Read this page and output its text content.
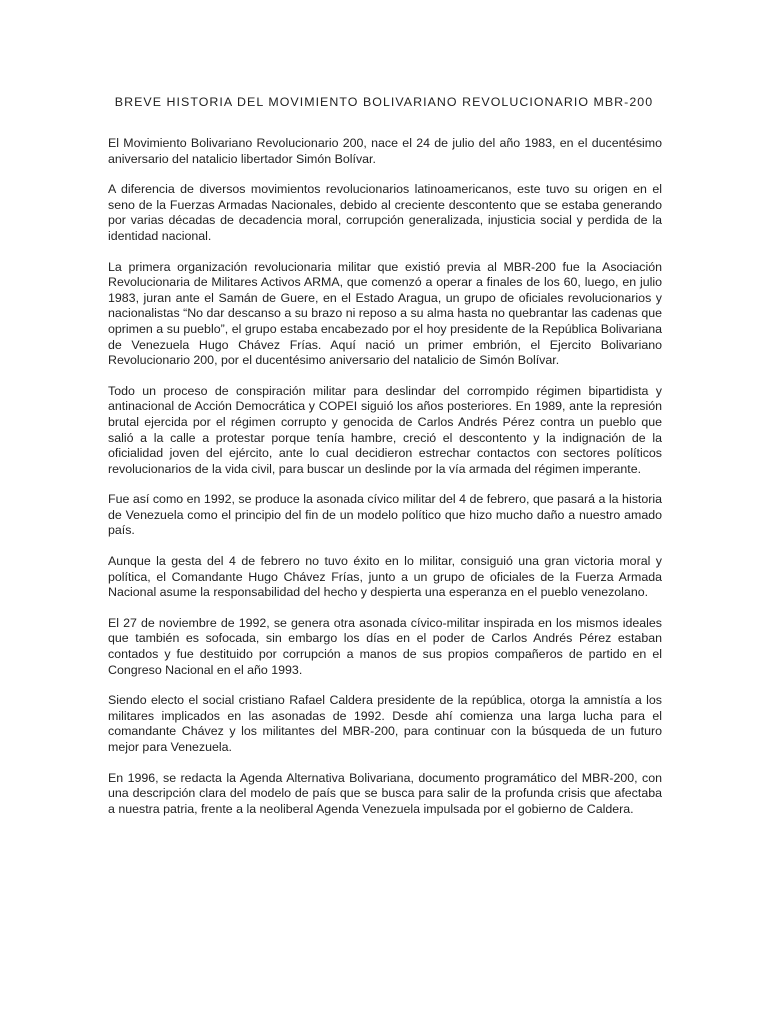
BREVE HISTORIA DEL MOVIMIENTO BOLIVARIANO REVOLUCIONARIO MBR-200

El Movimiento Bolivariano Revolucionario 200, nace el 24 de julio del año 1983, en el ducentésimo aniversario del natalicio libertador Simón Bolívar.

A diferencia de diversos movimientos revolucionarios latinoamericanos, este tuvo su origen en el seno de la Fuerzas Armadas Nacionales, debido al creciente descontento que se estaba generando por varias décadas de decadencia moral, corrupción generalizada, injusticia social y perdida de la identidad nacional.

La primera organización revolucionaria militar que existió previa al MBR-200 fue la Asociación Revolucionaria de Militares Activos ARMA, que comenzó a operar a finales de los 60, luego, en julio 1983, juran ante el Samán de Guere, en el Estado Aragua, un grupo de oficiales revolucionarios y nacionalistas “No dar descanso a su brazo ni reposo a su alma hasta no quebrantar las cadenas que oprimen a su pueblo”, el grupo estaba encabezado por el hoy presidente de la República Bolivariana de Venezuela Hugo Chávez Frías. Aquí nació un primer embrión, el Ejercito Bolivariano Revolucionario 200, por el ducentésimo aniversario del natalicio de Simón Bolívar.

Todo un proceso de conspiración militar para deslindar del corrompido régimen bipartidista y antinacional de Acción Democrática y COPEI siguió los años posteriores. En 1989, ante la represión brutal ejercida por el régimen corrupto y genocida de Carlos Andrés Pérez contra un pueblo que salió a la calle a protestar porque tenía hambre, creció el descontento y la indignación de la oficialidad joven del ejército, ante lo cual decidieron estrechar contactos con sectores políticos revolucionarios de la vida civil, para buscar un deslinde por la vía armada del régimen imperante.

Fue así como en 1992, se produce la asonada cívico militar del 4 de febrero, que pasará a la historia de Venezuela como el principio del fin de un modelo político que hizo mucho daño a nuestro amado país.

Aunque la gesta del 4 de febrero no tuvo éxito en lo militar, consiguió una gran victoria moral y política, el Comandante Hugo Chávez Frías, junto a un grupo de oficiales de la Fuerza Armada Nacional asume la responsabilidad del hecho y despierta una esperanza en el pueblo venezolano.

El 27 de noviembre de 1992, se genera otra asonada cívico-militar inspirada en los mismos ideales que también es sofocada, sin embargo los días en el poder de Carlos Andrés Pérez estaban contados y fue destituido por corrupción a manos de sus propios compañeros de partido en el Congreso Nacional en el año 1993.

Siendo electo el social cristiano Rafael Caldera presidente de la república, otorga la amnistía a los militares implicados en las asonadas de 1992. Desde ahí comienza una larga lucha para el comandante Chávez y los militantes del MBR-200, para continuar con la búsqueda de un futuro mejor para Venezuela.

En 1996, se redacta la Agenda Alternativa Bolivariana, documento programático del MBR-200, con una descripción clara del modelo de país que se busca para salir de la profunda crisis que afectaba a nuestra patria, frente a la neoliberal Agenda Venezuela impulsada por el gobierno de Caldera.
